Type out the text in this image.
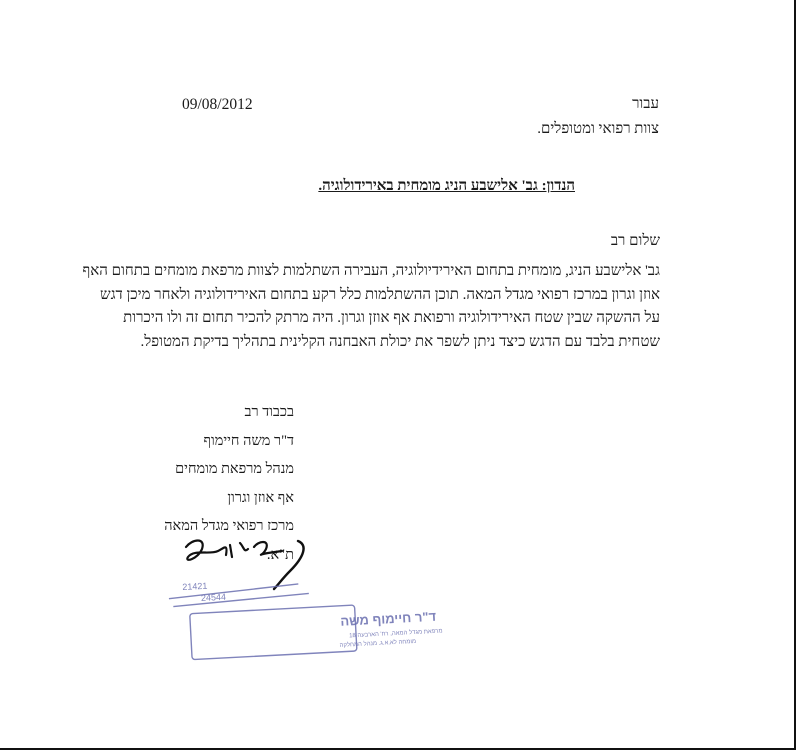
09/08/2012	עבור
צוות רפואי ומטופלים.
הנדון: גב' אלישבע הניג מומחית באירידולוגיה.
שלום רב
גב' אלישבע הניג, מומחית בתחום האירידיולוגיה, העבירה השתלמות לצוות מרפאת מומחים בתחום האף
אוזן וגרון במרכז רפואי מגדל המאה. תוכן ההשתלמות כלל רקע בתחום האירידולוגיה ולאחר מיכן דגש
על ההשקה שבין שטח האירידולוגיה ורפואת אף אוזן וגרון. היה מרתק להכיר תחום זה ולו היכרות
שטחית בלבד עם הדגש כיצד ניתן לשפר את יכולת האבחנה הקלינית בתהליך בדיקת המטופל.
בכבוד רב
ד"ר משה חיימוף
מנהל מרפאת מומחים
אף אוזן וגרון
מרכז רפואי מגדל המאה
ת"א.
21421
24544
ד"ר חיימוף משה
מרפאת מגדל המאה, רח' הארבעה 18
מומחה לא.א.ג. מנהל המחלקה
